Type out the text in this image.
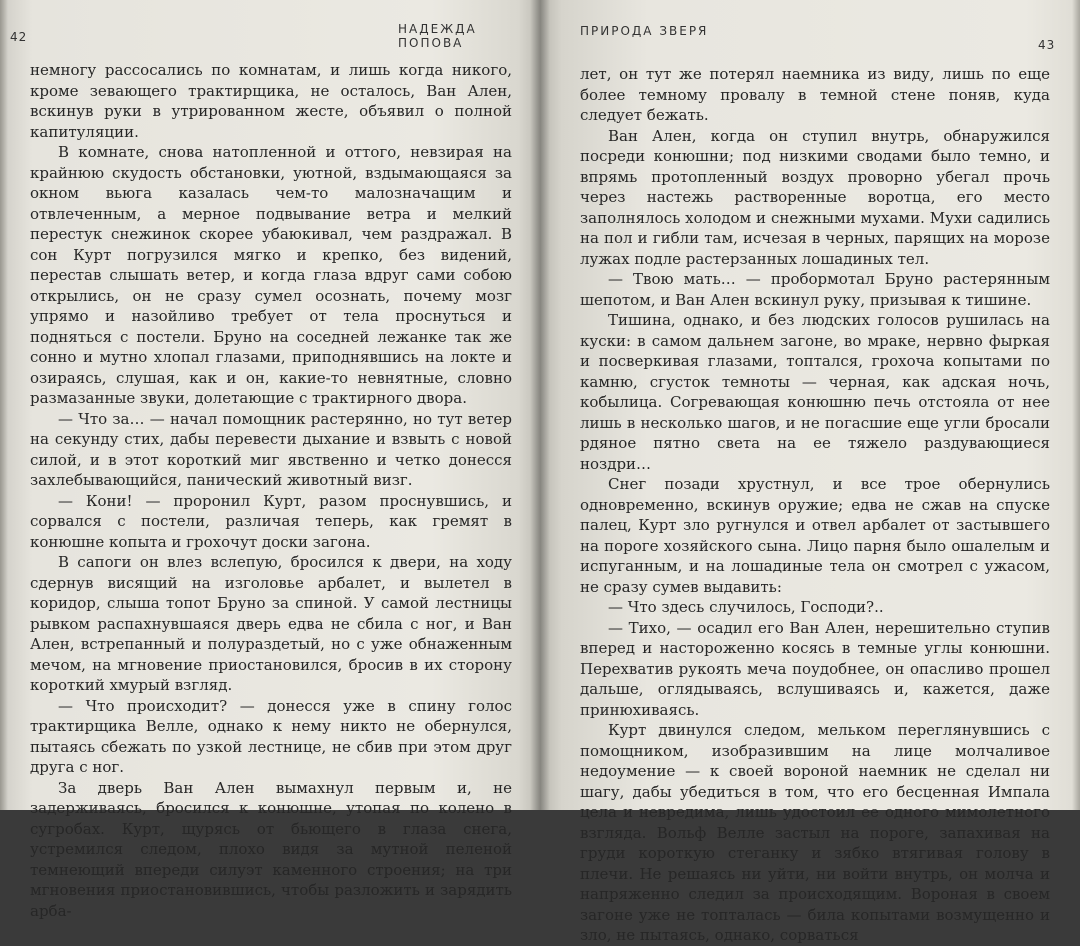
42
НАДЕЖДА ПОПОВА

немногу рассосались по комнатам, и лишь когда никого, кроме зевающего трактирщика, не осталось, Ван Ален, вскинув руки в утрированном жесте, объявил о полной капитуляции.

В комнате, снова натопленной и оттого, невзирая на крайнюю скудость обстановки, уютной, вздымающаяся за окном вьюга казалась чем-то малозначащим и отвлеченным, а мерное подвывание ветра и мелкий перестук снежинок скорее убаюкивал, чем раздражал. В сон Курт погрузился мягко и крепко, без видений, перестав слышать ветер, и когда глаза вдруг сами собою открылись, он не сразу сумел осознать, почему мозг упрямо и назойливо требует от тела проснуться и подняться с постели. Бруно на соседней лежанке так же сонно и мутно хлопал глазами, приподнявшись на локте и озираясь, слушая, как и он, какие-то невнятные, словно размазанные звуки, долетающие с трактирного двора.

— Что за… — начал помощник растерянно, но тут ветер на секунду стих, дабы перевести дыхание и взвыть с новой силой, и в этот короткий миг явственно и четко донесся захлебывающийся, панический животный визг.

— Кони! — проронил Курт, разом проснувшись, и сорвался с постели, различая теперь, как гремят в конюшне копыта и грохочут доски загона.

В сапоги он влез вслепую, бросился к двери, на ходу сдернув висящий на изголовье арбалет, и вылетел в коридор, слыша топот Бруно за спиной. У самой лестницы рывком распахнувшаяся дверь едва не сбила с ног, и Ван Ален, встрепанный и полураздетый, но с уже обнаженным мечом, на мгновение приостановился, бросив в их сторону короткий хмурый взгляд.

— Что происходит? — донесся уже в спину голос трактирщика Велле, однако к нему никто не обернулся, пытаясь сбежать по узкой лестнице, не сбив при этом друг друга с ног.

За дверь Ван Ален вымахнул первым и, не задерживаясь, бросился к конюшне, утопая по колено в сугробах. Курт, щурясь от бьющего в глаза снега, устремился следом, плохо видя за мутной пеленой темнеющий впереди силуэт каменного строения; на три мгновения приостановившись, чтобы разложить и зарядить арба-

ПРИРОДА ЗВЕРЯ
43

лет, он тут же потерял наемника из виду, лишь по еще более темному провалу в темной стене поняв, куда следует бежать.

Ван Ален, когда он ступил внутрь, обнаружился посреди конюшни; под низкими сводами было темно, и впрямь протопленный воздух проворно убегал прочь через настежь растворенные воротца, его место заполнялось холодом и снежными мухами. Мухи садились на пол и гибли там, исчезая в черных, парящих на морозе лужах подле растерзанных лошадиных тел.

— Твою мать… — пробормотал Бруно растерянным шепотом, и Ван Ален вскинул руку, призывая к тишине.

Тишина, однако, и без людских голосов рушилась на куски: в самом дальнем загоне, во мраке, нервно фыркая и посверкивая глазами, топтался, грохоча копытами по камню, сгусток темноты — черная, как адская ночь, кобылица. Согревающая конюшню печь отстояла от нее лишь в несколько шагов, и не погасшие еще угли бросали рдяное пятно света на ее тяжело раздувающиеся ноздри…

Снег позади хрустнул, и все трое обернулись одновременно, вскинув оружие; едва не сжав на спуске палец, Курт зло ругнулся и отвел арбалет от застывшего на пороге хозяйского сына. Лицо парня было ошалелым и испуганным, и на лошадиные тела он смотрел с ужасом, не сразу сумев выдавить:

— Что здесь случилось, Господи?..

— Тихо, — осадил его Ван Ален, нерешительно ступив вперед и настороженно косясь в темные углы конюшни. Перехватив рукоять меча поудобнее, он опасливо прошел дальше, оглядываясь, вслушиваясь и, кажется, даже принюхиваясь.

Курт двинулся следом, мельком переглянувшись с помощником, изобразившим на лице молчаливое недоумение — к своей вороной наемник не сделал ни шагу, дабы убедиться в том, что его бесценная Импала цела и невредима, лишь удостоил ее одного мимолетного взгляда. Вольф Велле застыл на пороге, запахивая на груди короткую стеганку и зябко втягивая голову в плечи. Не решаясь ни уйти, ни войти внутрь, он молча и напряженно следил за происходящим. Вороная в своем загоне уже не топталась — била копытами возмущенно и зло, не пытаясь, однако, сорваться
